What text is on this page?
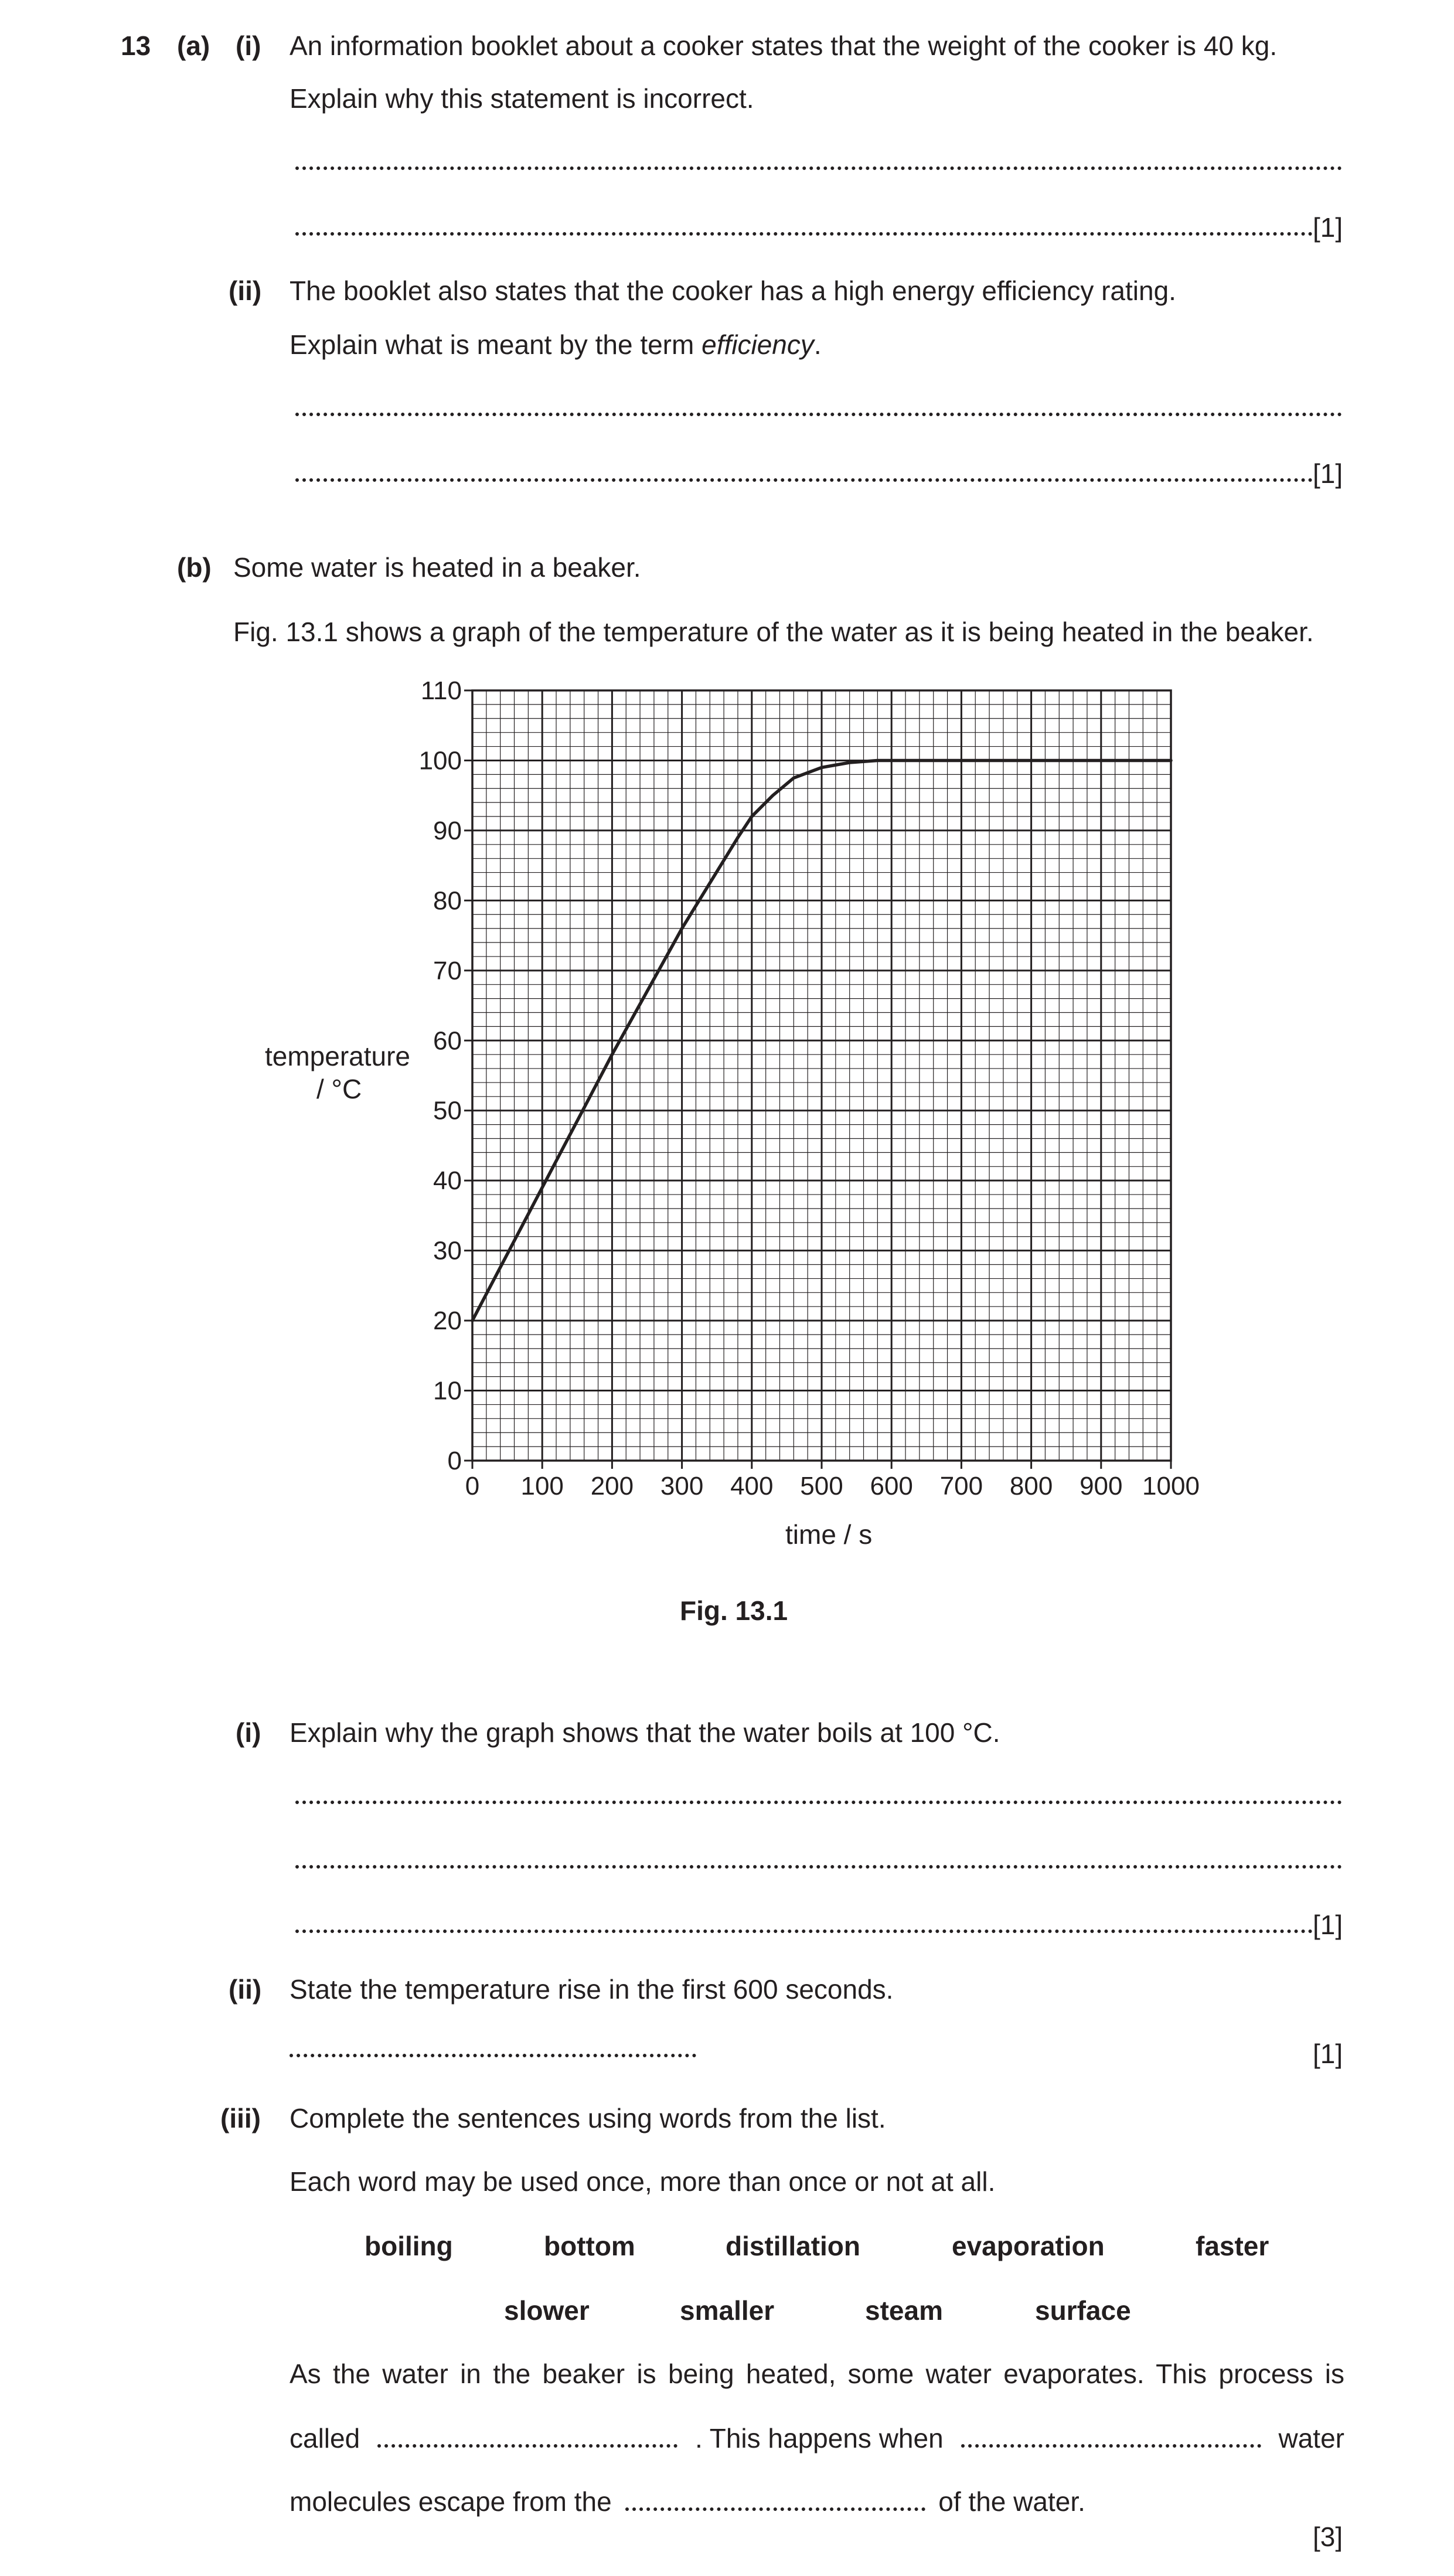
13 (a) (i) An information booklet about a cooker states that the weight of the cooker is 40 kg.
Explain why this statement is incorrect.
[1]
(ii) The booklet also states that the cooker has a high energy efficiency rating.
Explain what is meant by the term efficiency.
[1]
(b) Some water is heated in a beaker.
Fig. 13.1 shows a graph of the temperature of the water as it is being heated in the beaker.
temperature
/ °C
0
10
20
30
40
50
60
70
80
90
100
110
0 100 200 300 400 500 600 700 800 900 1000
time / s
Fig. 13.1
(i) Explain why the graph shows that the water boils at 100 °C.
[1]
(ii) State the temperature rise in the first 600 seconds.
[1]
(iii) Complete the sentences using words from the list.
Each word may be used once, more than once or not at all.
boiling	bottom	distillation	evaporation	faster
slower	smaller	steam	surface
As the water in the beaker is being heated, some water evaporates. This process is
called	. This happens when	water
molecules escape from the	of the water.
[3]
